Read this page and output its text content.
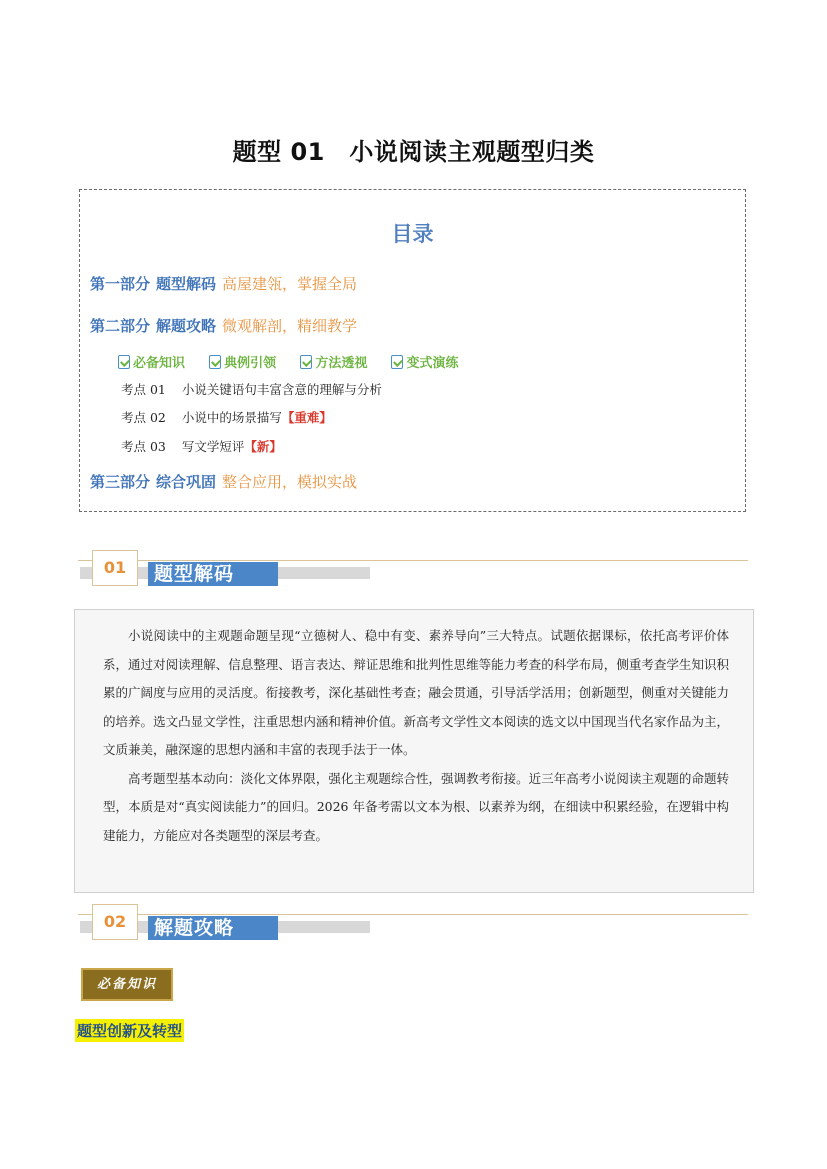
题型 01　小说阅读主观题型归类
目录
第一部分 题型解码 高屋建瓴，掌握全局
第二部分 解题攻略 微观解剖，精细教学
必备知识
	典例引领
	方法透视
	变式演练
考点 01 小说关键语句丰富含意的理解与分析
考点 02 小说中的场景描写【重难】
考点 03 写文学短评【新】
第三部分 综合巩固 整合应用，模拟实战
01	题型解码

小说阅读中的主观题命题呈现“立德树人、稳中有变、素养导向”三大特点。试题依据课标，依托高考评价体系，通过对阅读理解、信息整理、语言表达、辩证思维和批判性思维等能力考查的科学布局，侧重考查学生知识积累的广阔度与应用的灵活度。衔接教考，深化基础性考查；融会贯通，引导活学活用；创新题型，侧重对关键能力的培养。选文凸显文学性，注重思想内涵和精神价值。新高考文学性文本阅读的选文以中国现当代名家作品为主，文质兼美，融深邃的思想内涵和丰富的表现手法于一体。

高考题型基本动向：淡化文体界限，强化主观题综合性，强调教考衔接。近三年高考小说阅读主观题的命题转型，本质是对“真实阅读能力”的回归。2026 年备考需以文本为根、以素养为纲，在细读中积累经验，在逻辑中构建能力，方能应对各类题型的深层考查。

02	解题攻略
必备知识
题型创新及转型
